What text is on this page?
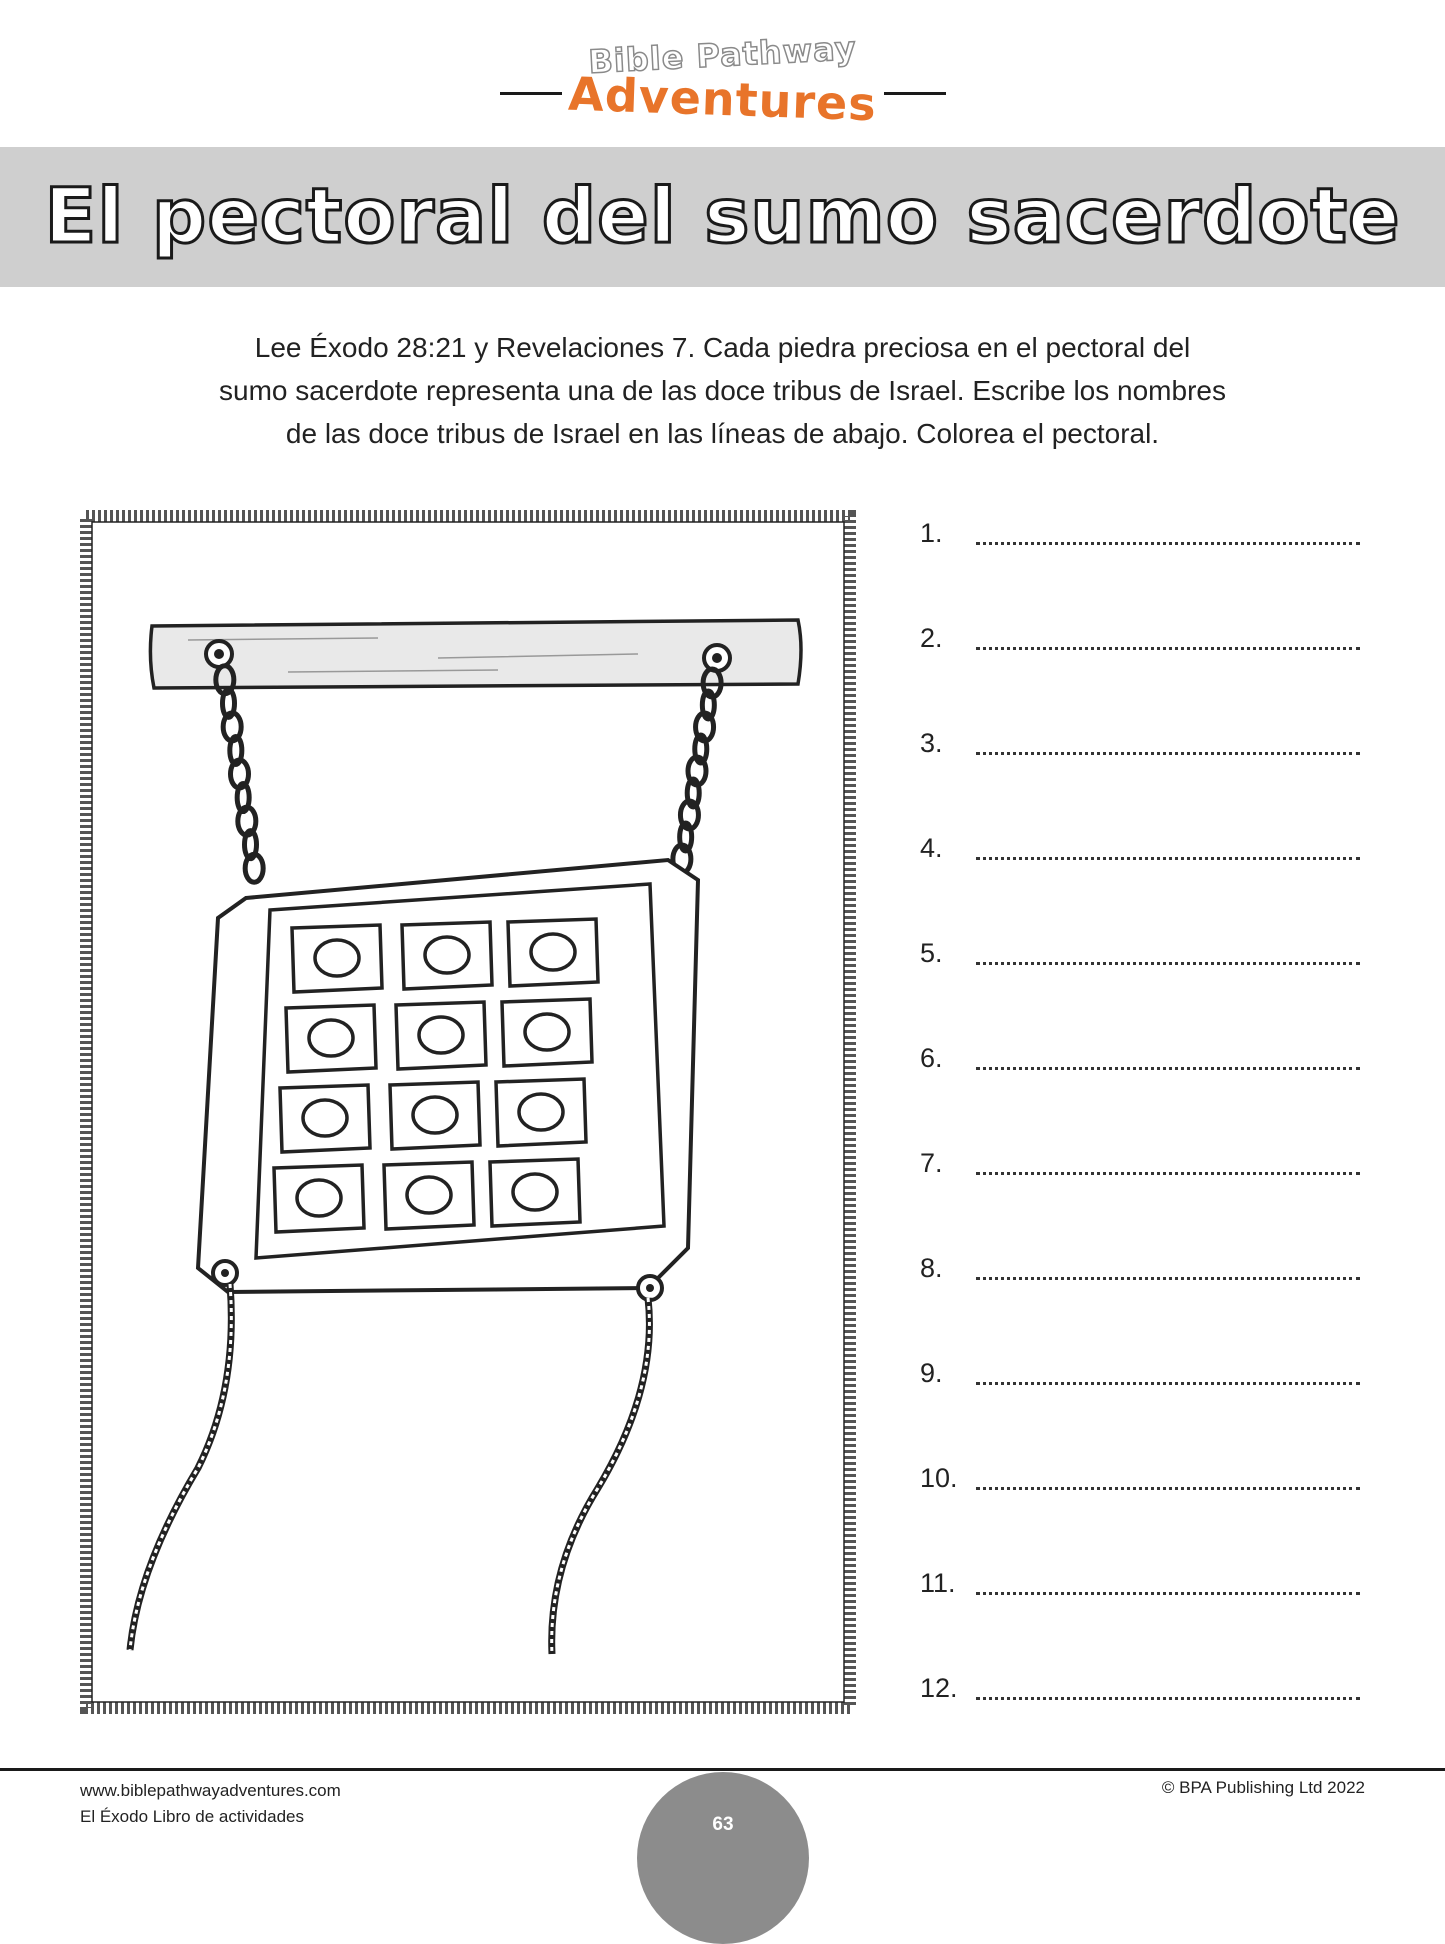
Bible Pathway
Adventures
El pectoral del sumo sacerdote
Lee Éxodo 28:21 y Revelaciones 7. Cada piedra preciosa en el pectoral del
sumo sacerdote representa una de las doce tribus de Israel. Escribe los nombres
de las doce tribus de Israel en las líneas de abajo. Colorea el pectoral.
1.
2.
3.
4.
5.
6.
7.
8.
9.
10.
11.
12.
www.biblepathwayadventures.com
El Éxodo Libro de actividades
© BPA Publishing Ltd 2022
63
